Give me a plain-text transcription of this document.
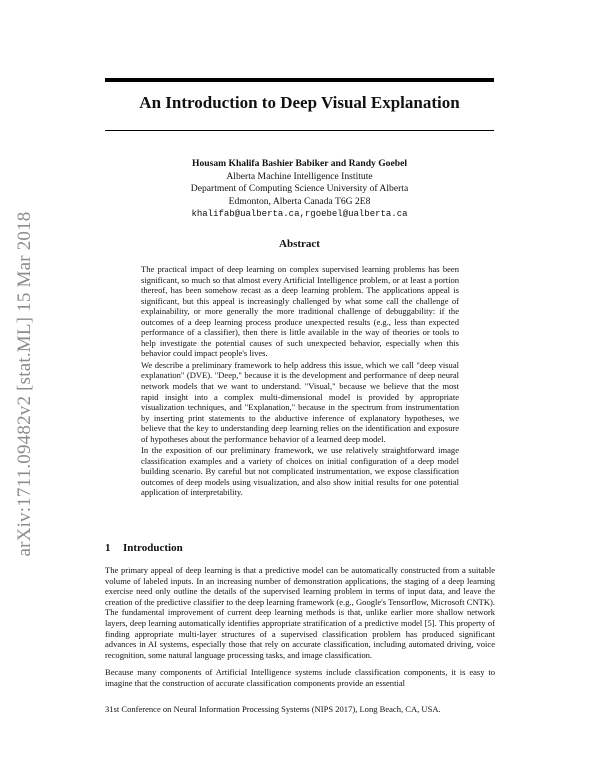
arXiv:1711.09482v2 [stat.ML] 15 Mar 2018
An Introduction to Deep Visual Explanation
Housam Khalifa Bashier Babiker and Randy Goebel
Alberta Machine Intelligence Institute
Department of Computing Science University of Alberta
Edmonton, Alberta Canada T6G 2E8
khalifab@ualberta.ca,rgoebel@ualberta.ca
Abstract

The practical impact of deep learning on complex supervised learning problems has been significant, so much so that almost every Artificial Intelligence problem, or at least a portion thereof, has been somehow recast as a deep learning problem. The applications appeal is significant, but this appeal is increasingly challenged by what some call the challenge of explainability, or more generally the more traditional challenge of debuggability: if the outcomes of a deep learning process produce unexpected results (e.g., less than expected performance of a classifier), then there is little available in the way of theories or tools to help investigate the potential causes of such unexpected behavior, especially when this behavior could impact people's lives.

We describe a preliminary framework to help address this issue, which we call "deep visual explanation" (DVE). "Deep," because it is the development and performance of deep neural network models that we want to understand. "Visual," because we believe that the most rapid insight into a complex multi-dimensional model is provided by appropriate visualization techniques, and "Explanation," because in the spectrum from instrumentation by inserting print statements to the abductive inference of explanatory hypotheses, we believe that the key to understanding deep learning relies on the identification and exposure of hypotheses about the performance behavior of a learned deep model.

In the exposition of our preliminary framework, we use relatively straightforward image classification examples and a variety of choices on initial configuration of a deep model building scenario. By careful but not complicated instrumentation, we expose classification outcomes of deep models using visualization, and also show initial results for one potential application of interpretability.

1 Introduction

The primary appeal of deep learning is that a predictive model can be automatically constructed from a suitable volume of labeled inputs. In an increasing number of demonstration applications, the staging of a deep learning exercise need only outline the details of the supervised learning problem in terms of input data, and leave the creation of the predictive classifier to the deep learning framework (e.g., Google's Tensorflow, Microsoft CNTK). The fundamental improvement of current deep learning methods is that, unlike earlier more shallow network layers, deep learning automatically identifies appropriate stratification of a predictive model [5]. This property of finding appropriate multi-layer structures of a supervised classification problem has produced significant advances in AI systems, especially those that rely on accurate classification, including automated driving, voice recognition, some natural language processing tasks, and image classification.

Because many components of Artificial Intelligence systems include classification components, it is easy to imagine that the construction of accurate classification components provide an essential

31st Conference on Neural Information Processing Systems (NIPS 2017), Long Beach, CA, USA.
